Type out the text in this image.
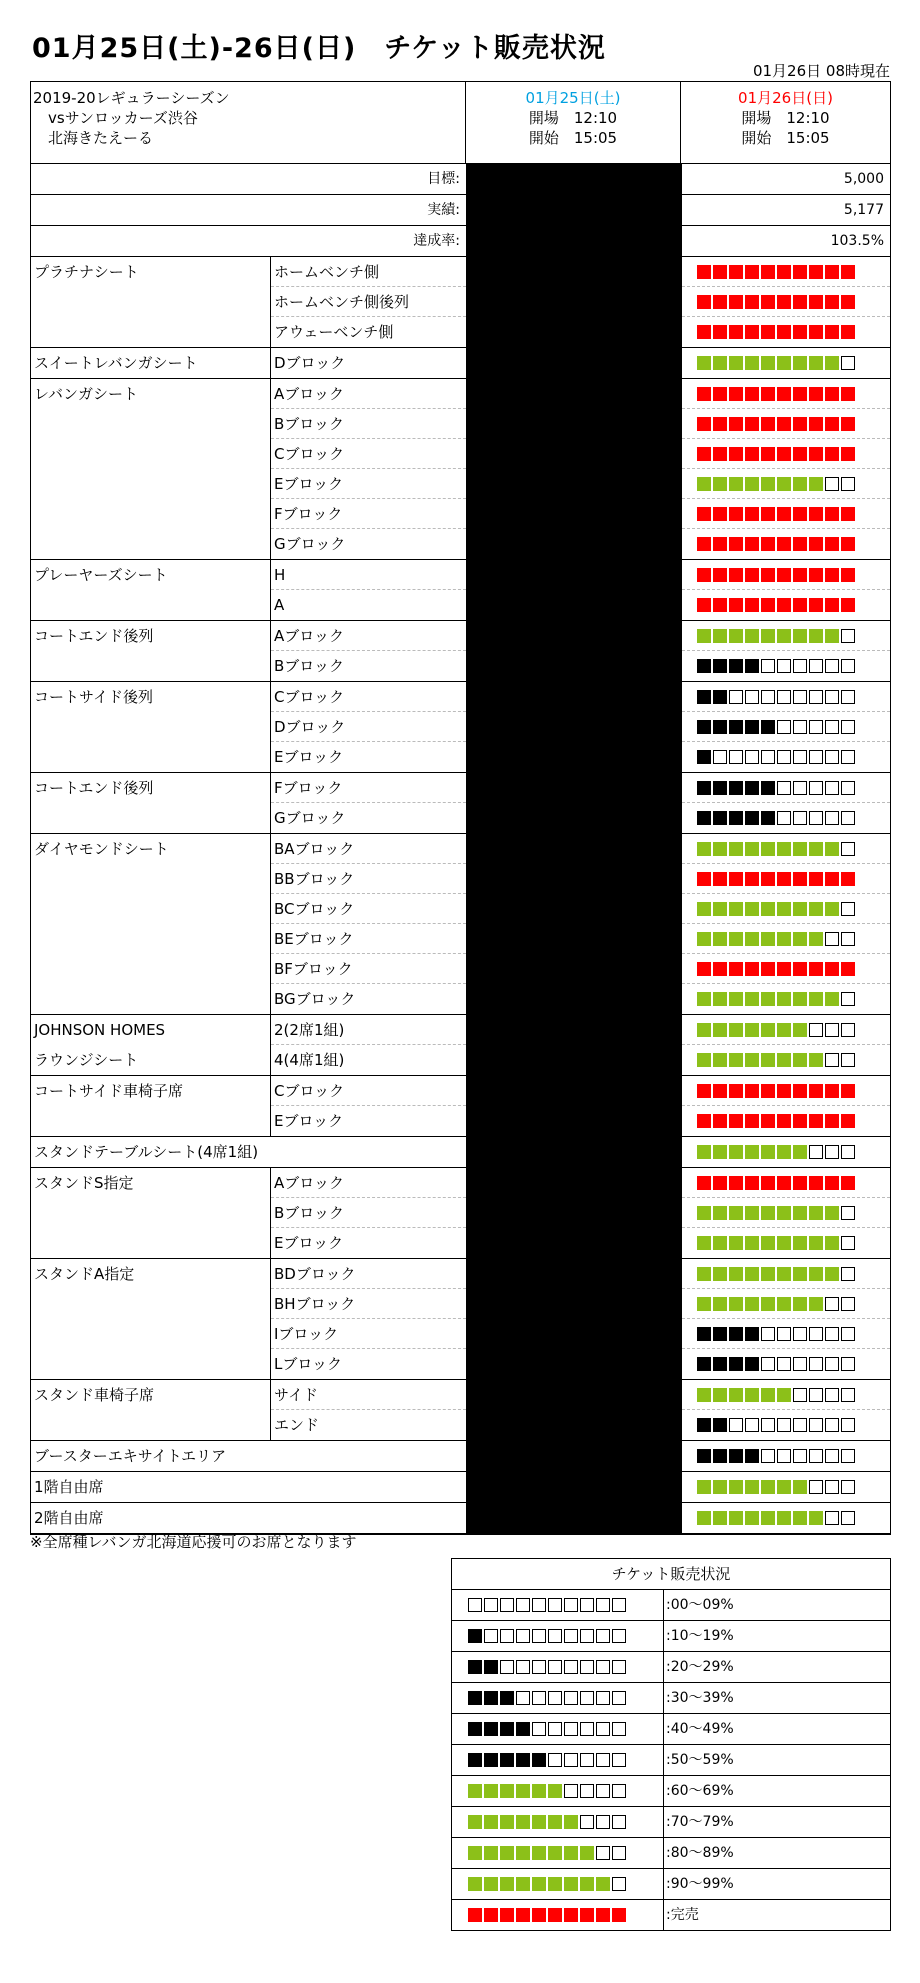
01月25日(土)-26日(日)　チケット販売状況
01月26日 08時現在
2019-20レギュラーシーズン
　vsサンロッカーズ渋谷
　北海きたえーる
01月25日(土)
開場　12:10
開始　15:05
01月26日(日)
開場　12:10
開始　15:05
目標:	5,000
実績:	5,177
達成率:	103.5%
プラチナシート	ホームベンチ側
ホームベンチ側後列
アウェーベンチ側
スイートレバンガシート	Dブロック
レバンガシート	Aブロック
Bブロック
Cブロック
Eブロック
Fブロック
Gブロック
プレーヤーズシート	H
A
コートエンド後列	Aブロック
Bブロック
コートサイド後列	Cブロック
Dブロック
Eブロック
コートエンド後列	Fブロック
Gブロック
ダイヤモンドシート	BAブロック
BBブロック
BCブロック
BEブロック
BFブロック
BGブロック
JOHNSON HOMES
ラウンジシート
2(2席1組)
4(4席1組)
コートサイド車椅子席	Cブロック
Eブロック
スタンドテーブルシート(4席1組)
スタンドS指定	Aブロック
Bブロック
Eブロック
スタンドA指定	BDブロック
BHブロック
Iブロック
Lブロック
スタンド車椅子席	サイド
エンド
ブースターエキサイトエリア
1階自由席
2階自由席
※全席種レバンガ北海道応援可のお席となります
チケット販売状況
:00〜09%
:10〜19%
:20〜29%
:30〜39%
:40〜49%
:50〜59%
:60〜69%
:70〜79%
:80〜89%
:90〜99%
:完売
